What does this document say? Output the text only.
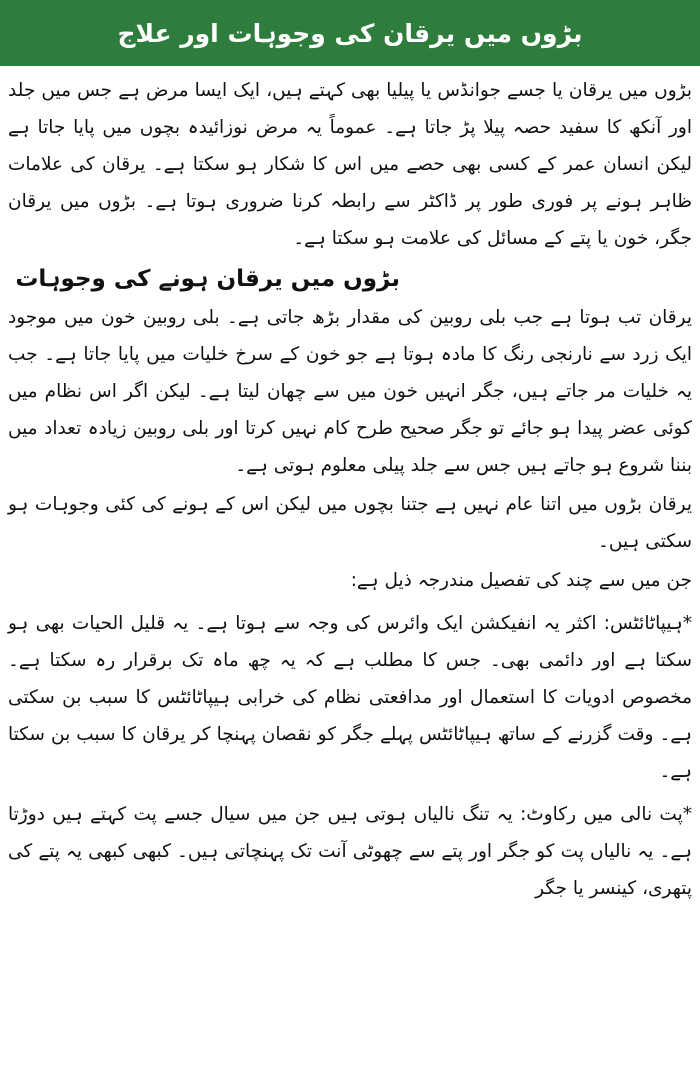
بڑوں میں یرقان کی وجوہات اور علاج

بڑوں میں یرقان یا جسے جوانڈس یا پیلیا بھی کہتے ہیں، ایک ایسا مرض ہے جس میں جلد اور آنکھ کا سفید حصہ پیلا پڑ جاتا ہے۔ عموماً یہ مرض نوزائیدہ بچوں میں پایا جاتا ہے لیکن انسان عمر کے کسی بھی حصے میں اس کا شکار ہو سکتا ہے۔ یرقان کی علامات ظاہر ہونے پر فوری طور پر ڈاکٹر سے رابطہ کرنا ضروری ہوتا ہے۔ بڑوں میں یرقان جگر، خون یا پتے کے مسائل کی علامت ہو سکتا ہے۔

بڑوں میں یرقان ہونے کی وجوہات

یرقان تب ہوتا ہے جب بلی روبین کی مقدار بڑھ جاتی ہے۔ بلی روبین خون میں موجود ایک زرد سے نارنجی رنگ کا مادہ ہوتا ہے جو خون کے سرخ خلیات میں پایا جاتا ہے۔ جب یہ خلیات مر جاتے ہیں، جگر انہیں خون میں سے چھان لیتا ہے۔ لیکن اگر اس نظام میں کوئی عضر پیدا ہو جائے تو جگر صحیح طرح کام نہیں کرتا اور بلی روبین زیادہ تعداد میں بننا شروع ہو جاتے ہیں جس سے جلد پیلی معلوم ہوتی ہے۔

یرقان بڑوں میں اتنا عام نہیں ہے جتنا بچوں میں لیکن اس کے ہونے کی کئی وجوہات ہو سکتی ہیں۔

جن میں سے چند کی تفصیل مندرجہ ذیل ہے:

*ہیپاٹائٹس: اکثر یہ انفیکشن ایک وائرس کی وجہ سے ہوتا ہے۔ یہ قلیل الحیات بھی ہو سکتا ہے اور دائمی بھی۔ جس کا مطلب ہے کہ یہ چھ ماہ تک برقرار رہ سکتا ہے۔ مخصوص ادویات کا استعمال اور مدافعتی نظام کی خرابی ہیپاٹائٹس کا سبب بن سکتی ہے۔ وقت گزرنے کے ساتھ ہیپاٹائٹس پہلے جگر کو نقصان پہنچا کر یرقان کا سبب بن سکتا ہے۔

*پت نالی میں رکاوٹ: یہ تنگ نالیاں ہوتی ہیں جن میں سیال جسے پت کہتے ہیں دوڑتا ہے۔ یہ نالیاں پت کو جگر اور پتے سے چھوٹی آنت تک پہنچاتی ہیں۔ کبھی کبھی یہ پتے کی پتھری، کینسر یا جگر
